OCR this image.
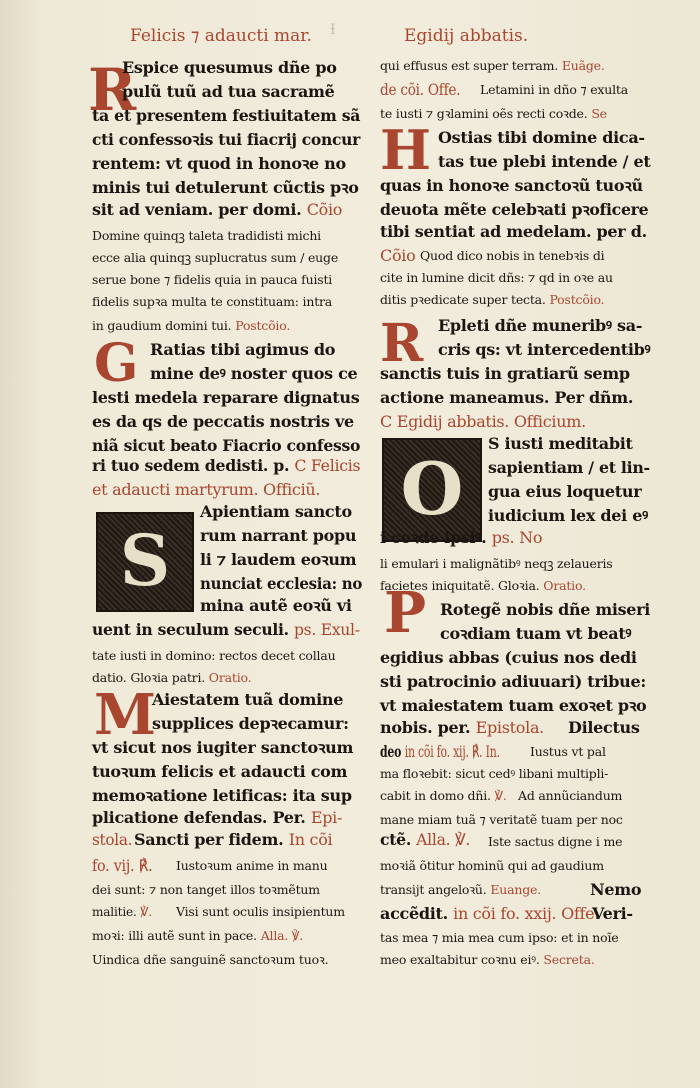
Felicis ⁊ adaucti mar. Ɨ	Egidij abbatis.
R
G
S
M
Espice quesumus dñe po
pulũ tuũ ad tua sacramẽ
ta et presentem festiuitatem sã
cti confessoꝛis tui fiacrij concur
rentem: vt quod in honoꝛe no
minis tui detulerunt cũctis pꝛo
sit ad veniam. per domi. Cõio
Domine quinqꝫ taleta tradidisti michi
ecce alia quinqꝫ suplucratus sum / euge
serue bone ⁊ fidelis quia in pauca fuisti
fidelis supꝛa multa te constituam: intra
in gaudium domini tui. Postcõio.
Ratias tibi agimus do
mine deꝰ noster quos ce
lesti medela reparare dignatus
es da qs de peccatis nostris ve
niã sicut beato Fiacrio confesso
ri tuo sedem dedisti. p. C Felicis
et adaucti martyrum. Officiũ.
Apientiam sancto
rum narrant popu
li ⁊ laudem eoꝛum
nunciat ecclesia: no
mina autẽ eoꝛũ vi
uent in seculum seculi. ps. Exul-
tate iusti in domino: rectos decet collau
datio. Gloꝛia patri. Oratio.
Aiestatem tuã domine
supplices depꝛecamur:
vt sicut nos iugiter sanctoꝛum
tuoꝛum felicis et adaucti com
memoꝛatione letificas: ita sup
plicatione defendas. Per. Epi-
stola. Sancti per fidem. In cõi
fo. vij. ℟. Iustoꝛum anime in manu
dei sunt: ⁊ non tanget illos toꝛmẽtum
malitie. ℣.
moꝛi: illi autẽ sunt in pace. Alla. ℣.
Uindica dñe sanguinẽ sanctoꝛum tuoꝛ.
Visi sunt oculis insipientum
H
R
O
P
qui effusus est super terram. Euãge.
de cõi. Offe. Letamini in dño ⁊ exulta
te iusti ⁊ gꝛlamini oẽs recti coꝛde. Se
Ostias tibi domine dica-
tas tue plebi intende / et
quas in honoꝛe sanctoꝛũ tuoꝛũ
deuota mẽte celebꝛati pꝛoficere
tibi sentiat ad medelam. per d.
Cõio Quod dico nobis in tenebꝛis di
cite in lumine dicit dñs: ⁊ qd in oꝛe au
ditis pꝛedicate super tecta. Postcõio.
Epleti dñe muneribꝰ sa-
cris qs: vt intercedentibꝰ
sanctis tuis in gratiarũ semp
actione maneamus. Per dñm.
C Egidij abbatis. Officium.
S iusti meditabit
sapientiam / et lin-
gua eius loquetur
iudicium lex dei eꝰ
i coꝛde ipsiꝰ. ps. No
li emulari i malignãtibꝰ neqꝫ zelaueris
facietes iniquitatẽ. Gloꝛia. Oratio.
Rotegẽ nobis dñe miseri
coꝛdiam tuam vt beatꝰ
egidius abbas (cuius nos dedi
sti patrocinio adiuuari) tribue:
vt maiestatem tuam exoꝛet pꝛo
nobis. per. Epistola. Dilectus
deo in cõi fo. xij. ℟. In. Iustus vt pal
ma floꝛebit: sicut cedꝰ libani multipli-
cabit in domo dñi. ℣. Ad annũciandum
mane miam tuã ⁊ veritatẽ tuam per noc
ctẽ. Alla. ℣. Iste sactus digne i me
moꝛiã õtitur hominũ qui ad gaudium
transijt angeloꝛũ. Euange.	Nemo
accẽdit. in cõi fo. xxij. Offe.
Veri-
tas mea ⁊ mia mea cum ipso: et in noĩe
meo exaltabitur coꝛnu eiꝰ. Secreta.
